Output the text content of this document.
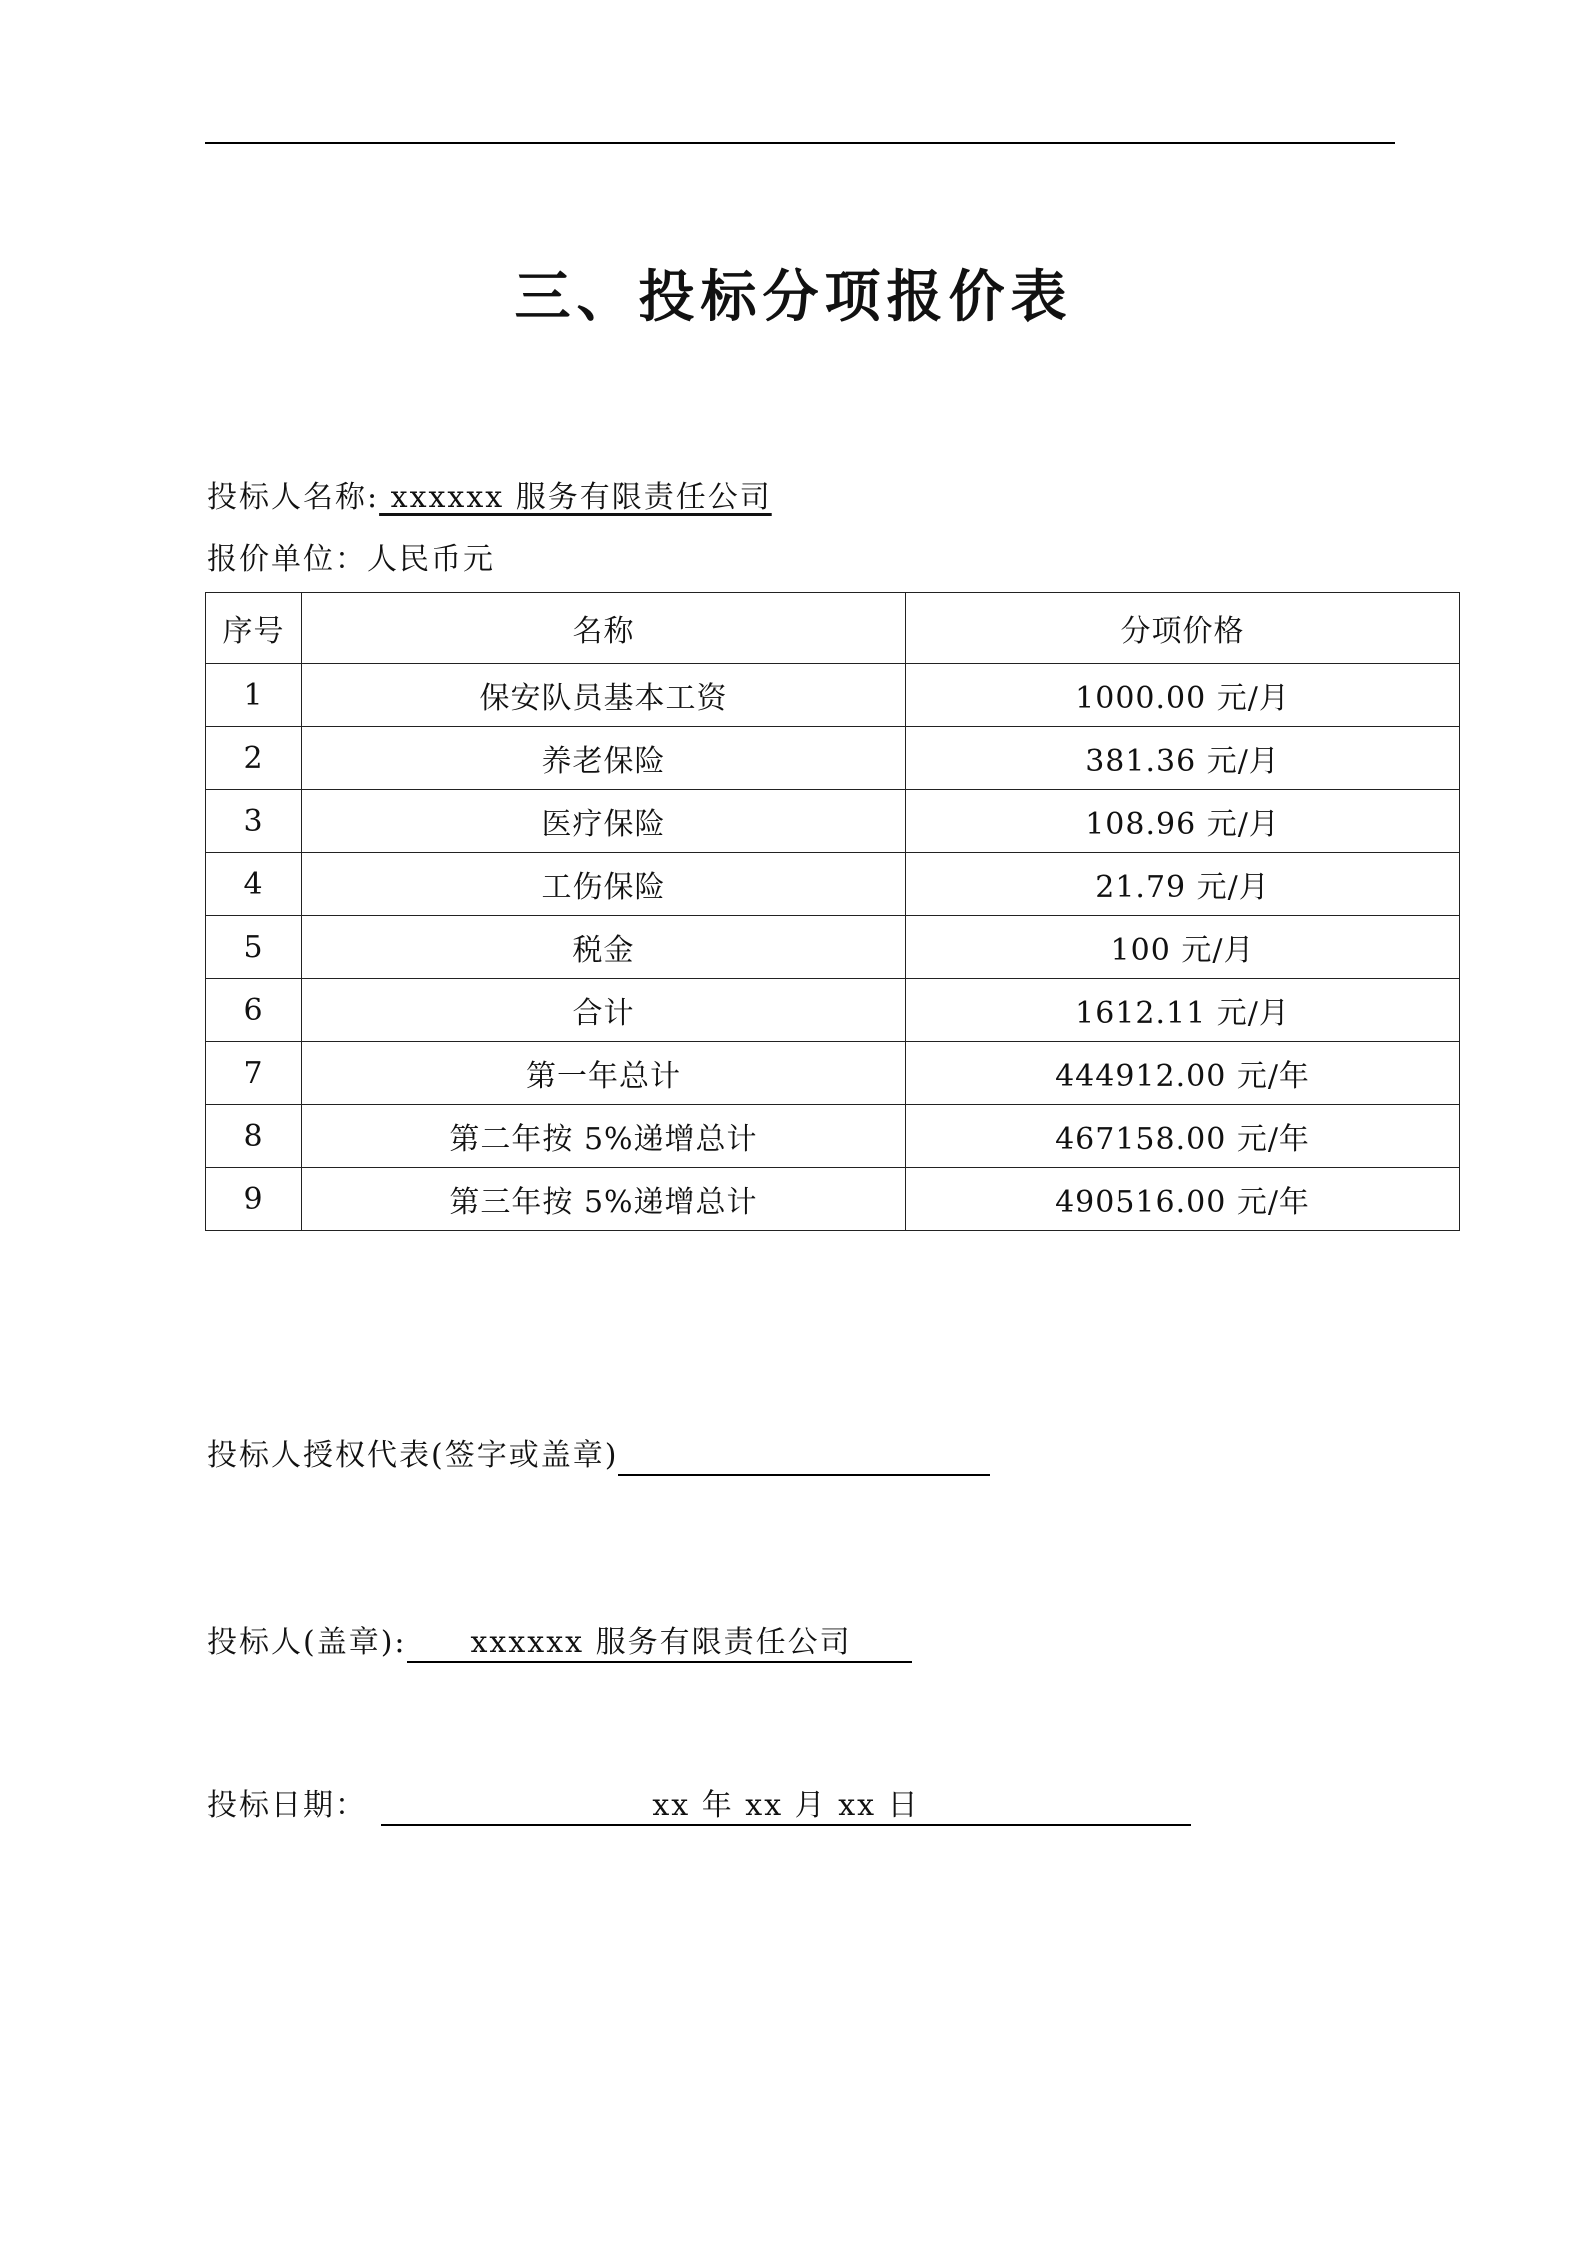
三、投标分项报价表
投标人名称: xxxxxx 服务有限责任公司
报价单位：人民币元
序号	名称	分项价格
1	保安队员基本工资	1000.00 元/月
2	养老保险	381.36 元/月
3	医疗保险	108.96 元/月
4	工伤保险	21.79 元/月
5	税金	100 元/月
6	合计	1612.11 元/月
7	第一年总计	444912.00 元/年
8	第二年按 5%递增总计	467158.00 元/年
9	第三年按 5%递增总计	490516.00 元/年
投标人授权代表(签字或盖章)
投标人(盖章): xxxxxx 服务有限责任公司
投标日期：	xx 年 xx 月 xx 日
